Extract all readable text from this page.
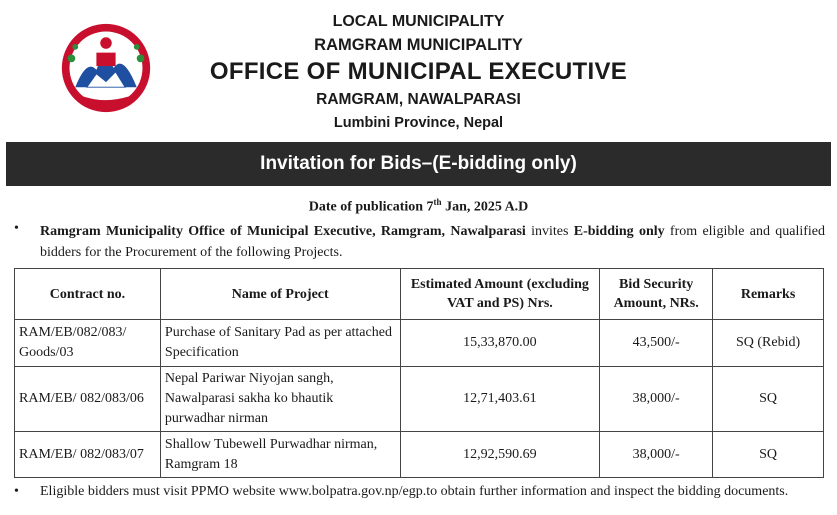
LOCAL MUNICIPALITY
RAMGRAM MUNICIPALITY
OFFICE OF MUNICIPAL EXECUTIVE
RAMGRAM, NAWALPARASI
Lumbini Province, Nepal
Invitation for Bids–(E-bidding only)
Date of publication 7th Jan, 2025 A.D
• Ramgram Municipality Office of Municipal Executive, Ramgram, Nawalparasi invites E-bidding only from eligible and qualified bidders for the Procurement of the following Projects.
Contract no.	Name of Project	Estimated Amount (excluding VAT and PS) Nrs.	Bid Security Amount, NRs.	Remarks
RAM/EB/082/083/ Goods/03	Purchase of Sanitary Pad as per attached Specification	15,33,870.00	43,500/-	SQ (Rebid)
RAM/EB/ 082/083/06	Nepal Pariwar Niyojan sangh, Nawalparasi sakha ko bhautik purwadhar nirman	12,71,403.61	38,000/-	SQ
RAM/EB/ 082/083/07	Shallow Tubewell Purwadhar nirman, Ramgram 18	12,92,590.69	38,000/-	SQ
• Eligible bidders must visit PPMO website www.bolpatra.gov.np/egp.to obtain further information and inspect the bidding documents.
